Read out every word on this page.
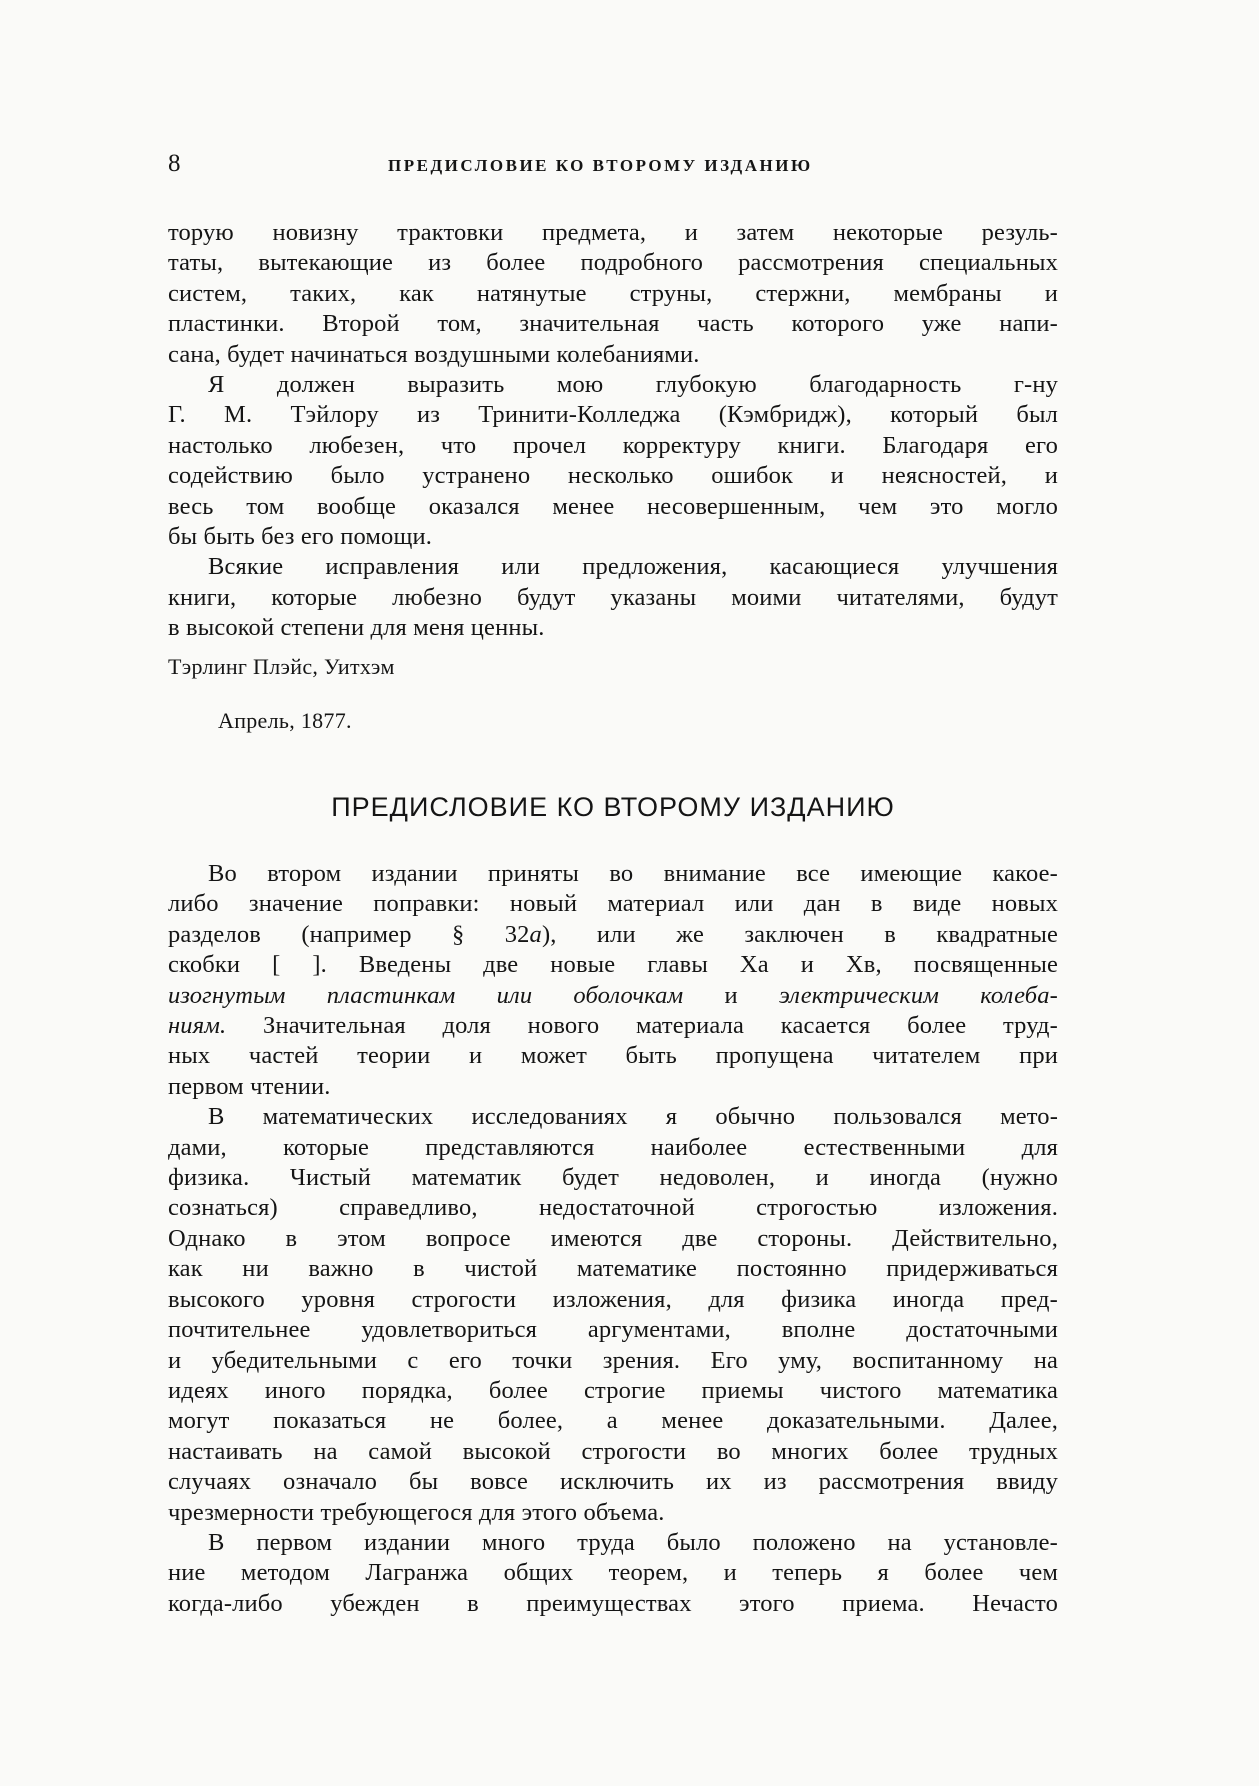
8	ПРЕДИСЛОВИЕ КО ВТОРОМУ ИЗДАНИЮ

торую новизну трактовки предмета, и затем некоторые резуль-
таты, вытекающие из более подробного рассмотрения специальных
систем, таких, как натянутые струны, стержни, мембраны и
пластинки. Второй том, значительная часть которого уже напи-
сана, будет начинаться воздушными колебаниями.

Я должен выразить мою глубокую благодарность г-ну
Г. М. Тэйлору из Тринити-Колледжа (Кэмбридж), который был
настолько любезен, что прочел корректуру книги. Благодаря его
содействию было устранено несколько ошибок и неясностей, и
весь том вообще оказался менее несовершенным, чем это могло
бы быть без его помощи.

Всякие исправления или предложения, касающиеся улучшения
книги, которые любезно будут указаны моими читателями, будут
в высокой степени для меня ценны.

Тэрлинг Плэйс, Уитхэм
Апрель, 1877.
ПРЕДИСЛОВИЕ КО ВТОРОМУ ИЗДАНИЮ

Во втором издании приняты во внимание все имеющие какое-
либо значение поправки: новый материал или дан в виде новых
разделов (например § 32a), или же заключен в квадратные
скобки [ ]. Введены две новые главы Xа и Xв, посвященные
изогнутым пластинкам или оболочкам и электрическим колеба-
ниям. Значительная доля нового материала касается более труд-
ных частей теории и может быть пропущена читателем при
первом чтении.

В математических исследованиях я обычно пользовался мето-
дами, которые представляются наиболее естественными для
физика. Чистый математик будет недоволен, и иногда (нужно
сознаться) справедливо, недостаточной строгостью изложения.
Однако в этом вопросе имеются две стороны. Действительно,
как ни важно в чистой математике постоянно придерживаться
высокого уровня строгости изложения, для физика иногда пред-
почтительнее удовлетвориться аргументами, вполне достаточными
и убедительными с его точки зрения. Его уму, воспитанному на
идеях иного порядка, более строгие приемы чистого математика
могут показаться не более, а менее доказательными. Далее,
настаивать на самой высокой строгости во многих более трудных
случаях означало бы вовсе исключить их из рассмотрения ввиду
чрезмерности требующегося для этого объема.

В первом издании много труда было положено на установле-
ние методом Лагранжа общих теорем, и теперь я более чем
когда-либо убежден в преимуществах этого приема. Нечасто
